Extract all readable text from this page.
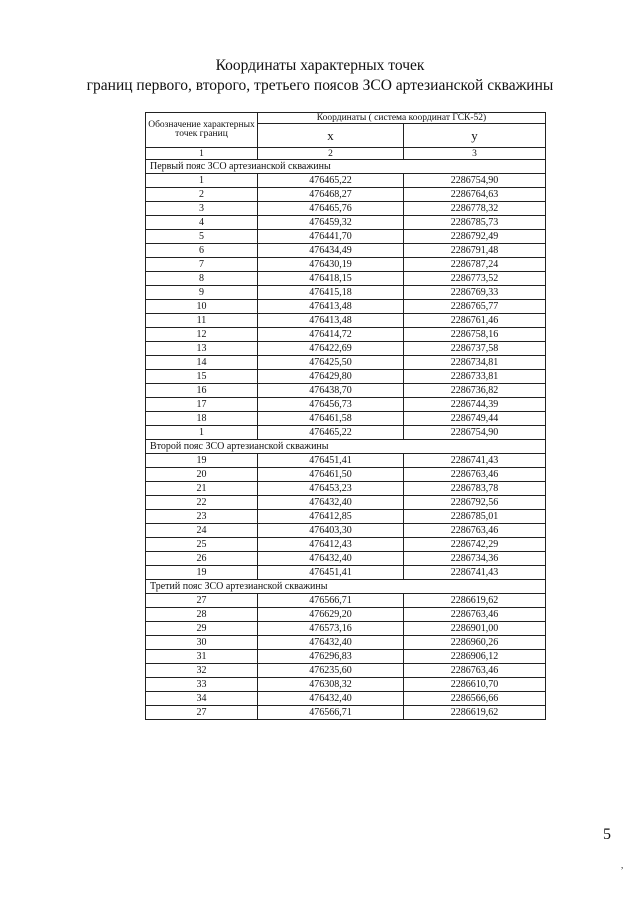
Координаты характерных точек
границ первого, второго, третьего поясов ЗСО артезианской скважины
Обозначение характерных точек границ	Координаты ( система координат ГСК-52)	
	x	y
1	2	3
Первый пояс ЗСО артезианской скважины		
1	476465,22	2286754,90
2	476468,27	2286764,63
3	476465,76	2286778,32
4	476459,32	2286785,73
5	476441,70	2286792,49
6	476434,49	2286791,48
7	476430,19	2286787,24
8	476418,15	2286773,52
9	476415,18	2286769,33
10	476413,48	2286765,77
11	476413,48	2286761,46
12	476414,72	2286758,16
13	476422,69	2286737,58
14	476425,50	2286734,81
15	476429,80	2286733,81
16	476438,70	2286736,82
17	476456,73	2286744,39
18	476461,58	2286749,44
1	476465,22	2286754,90
Второй пояс ЗСО артезианской скважины		
19	476451,41	2286741,43
20	476461,50	2286763,46
21	476453,23	2286783,78
22	476432,40	2286792,56
23	476412,85	2286785,01
24	476403,30	2286763,46
25	476412,43	2286742,29
26	476432,40	2286734,36
19	476451,41	2286741,43
Третий пояс ЗСО артезианской скважины		
27	476566,71	2286619,62
28	476629,20	2286763,46
29	476573,16	2286901,00
30	476432,40	2286960,26
31	476296,83	2286906,12
32	476235,60	2286763,46
33	476308,32	2286610,70
34	476432,40	2286566,66
27	476566,71	2286619,62

5

,
